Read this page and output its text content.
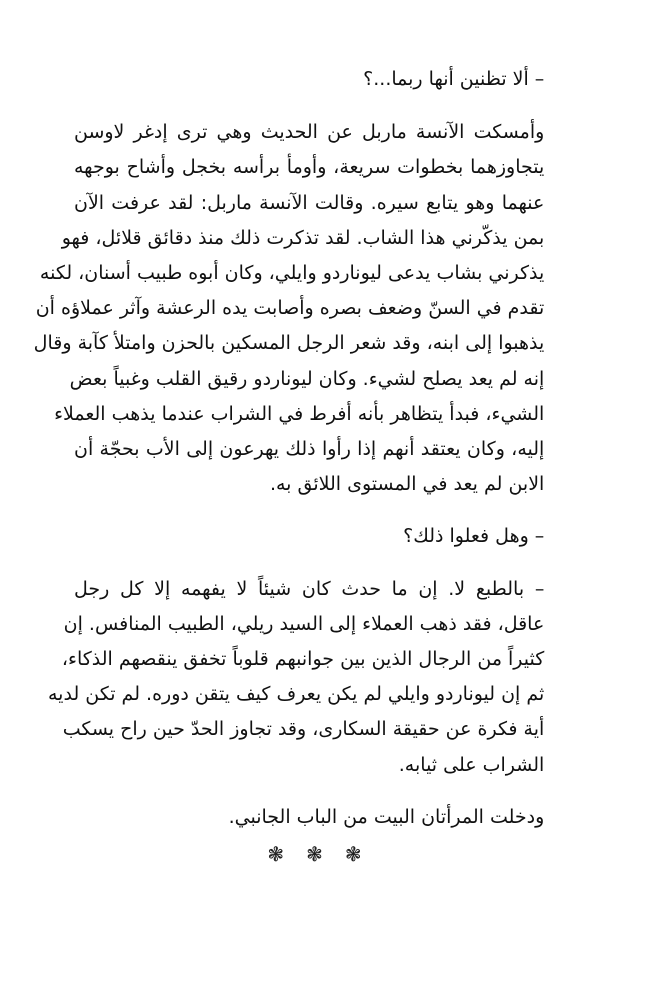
– ألا تظنين أنها ربما...؟

وأمسكت الآنسة ماربل عن الحديث وهي ترى إدغر لاوسن
يتجاوزهما بخطوات سريعة، وأومأ برأسه بخجل وأشاح بوجهه
عنهما وهو يتابع سيره. وقالت الآنسة ماربل: لقد عرفت الآن
بمن يذكّرني هذا الشاب. لقد تذكرت ذلك منذ دقائق قلائل، فهو
يذكرني بشاب يدعى ليوناردو وايلي، وكان أبوه طبيب أسنان، لكنه
تقدم في السنّ وضعف بصره وأصابت يده الرعشة وآثر عملاؤه أن
يذهبوا إلى ابنه، وقد شعر الرجل المسكين بالحزن وامتلأ كآبة وقال
إنه لم يعد يصلح لشيء. وكان ليوناردو رقيق القلب وغبياً بعض
الشيء، فبدأ يتظاهر بأنه أفرط في الشراب عندما يذهب العملاء
إليه، وكان يعتقد أنهم إذا رأوا ذلك يهرعون إلى الأب بحجّة أن
الابن لم يعد في المستوى اللائق به.

– وهل فعلوا ذلك؟

– بالطبع لا. إن ما حدث كان شيئاً لا يفهمه إلا كل رجل
عاقل، فقد ذهب العملاء إلى السيد ريلي، الطبيب المنافس. إن
كثيراً من الرجال الذين بين جوانبهم قلوباً تخفق ينقصهم الذكاء،
ثم إن ليوناردو وايلي لم يكن يعرف كيف يتقن دوره. لم تكن لديه
أية فكرة عن حقيقة السكارى، وقد تجاوز الحدّ حين راح يسكب
الشراب على ثيابه.

ودخلت المرأتان البيت من الباب الجانبي.

❃❃❃
